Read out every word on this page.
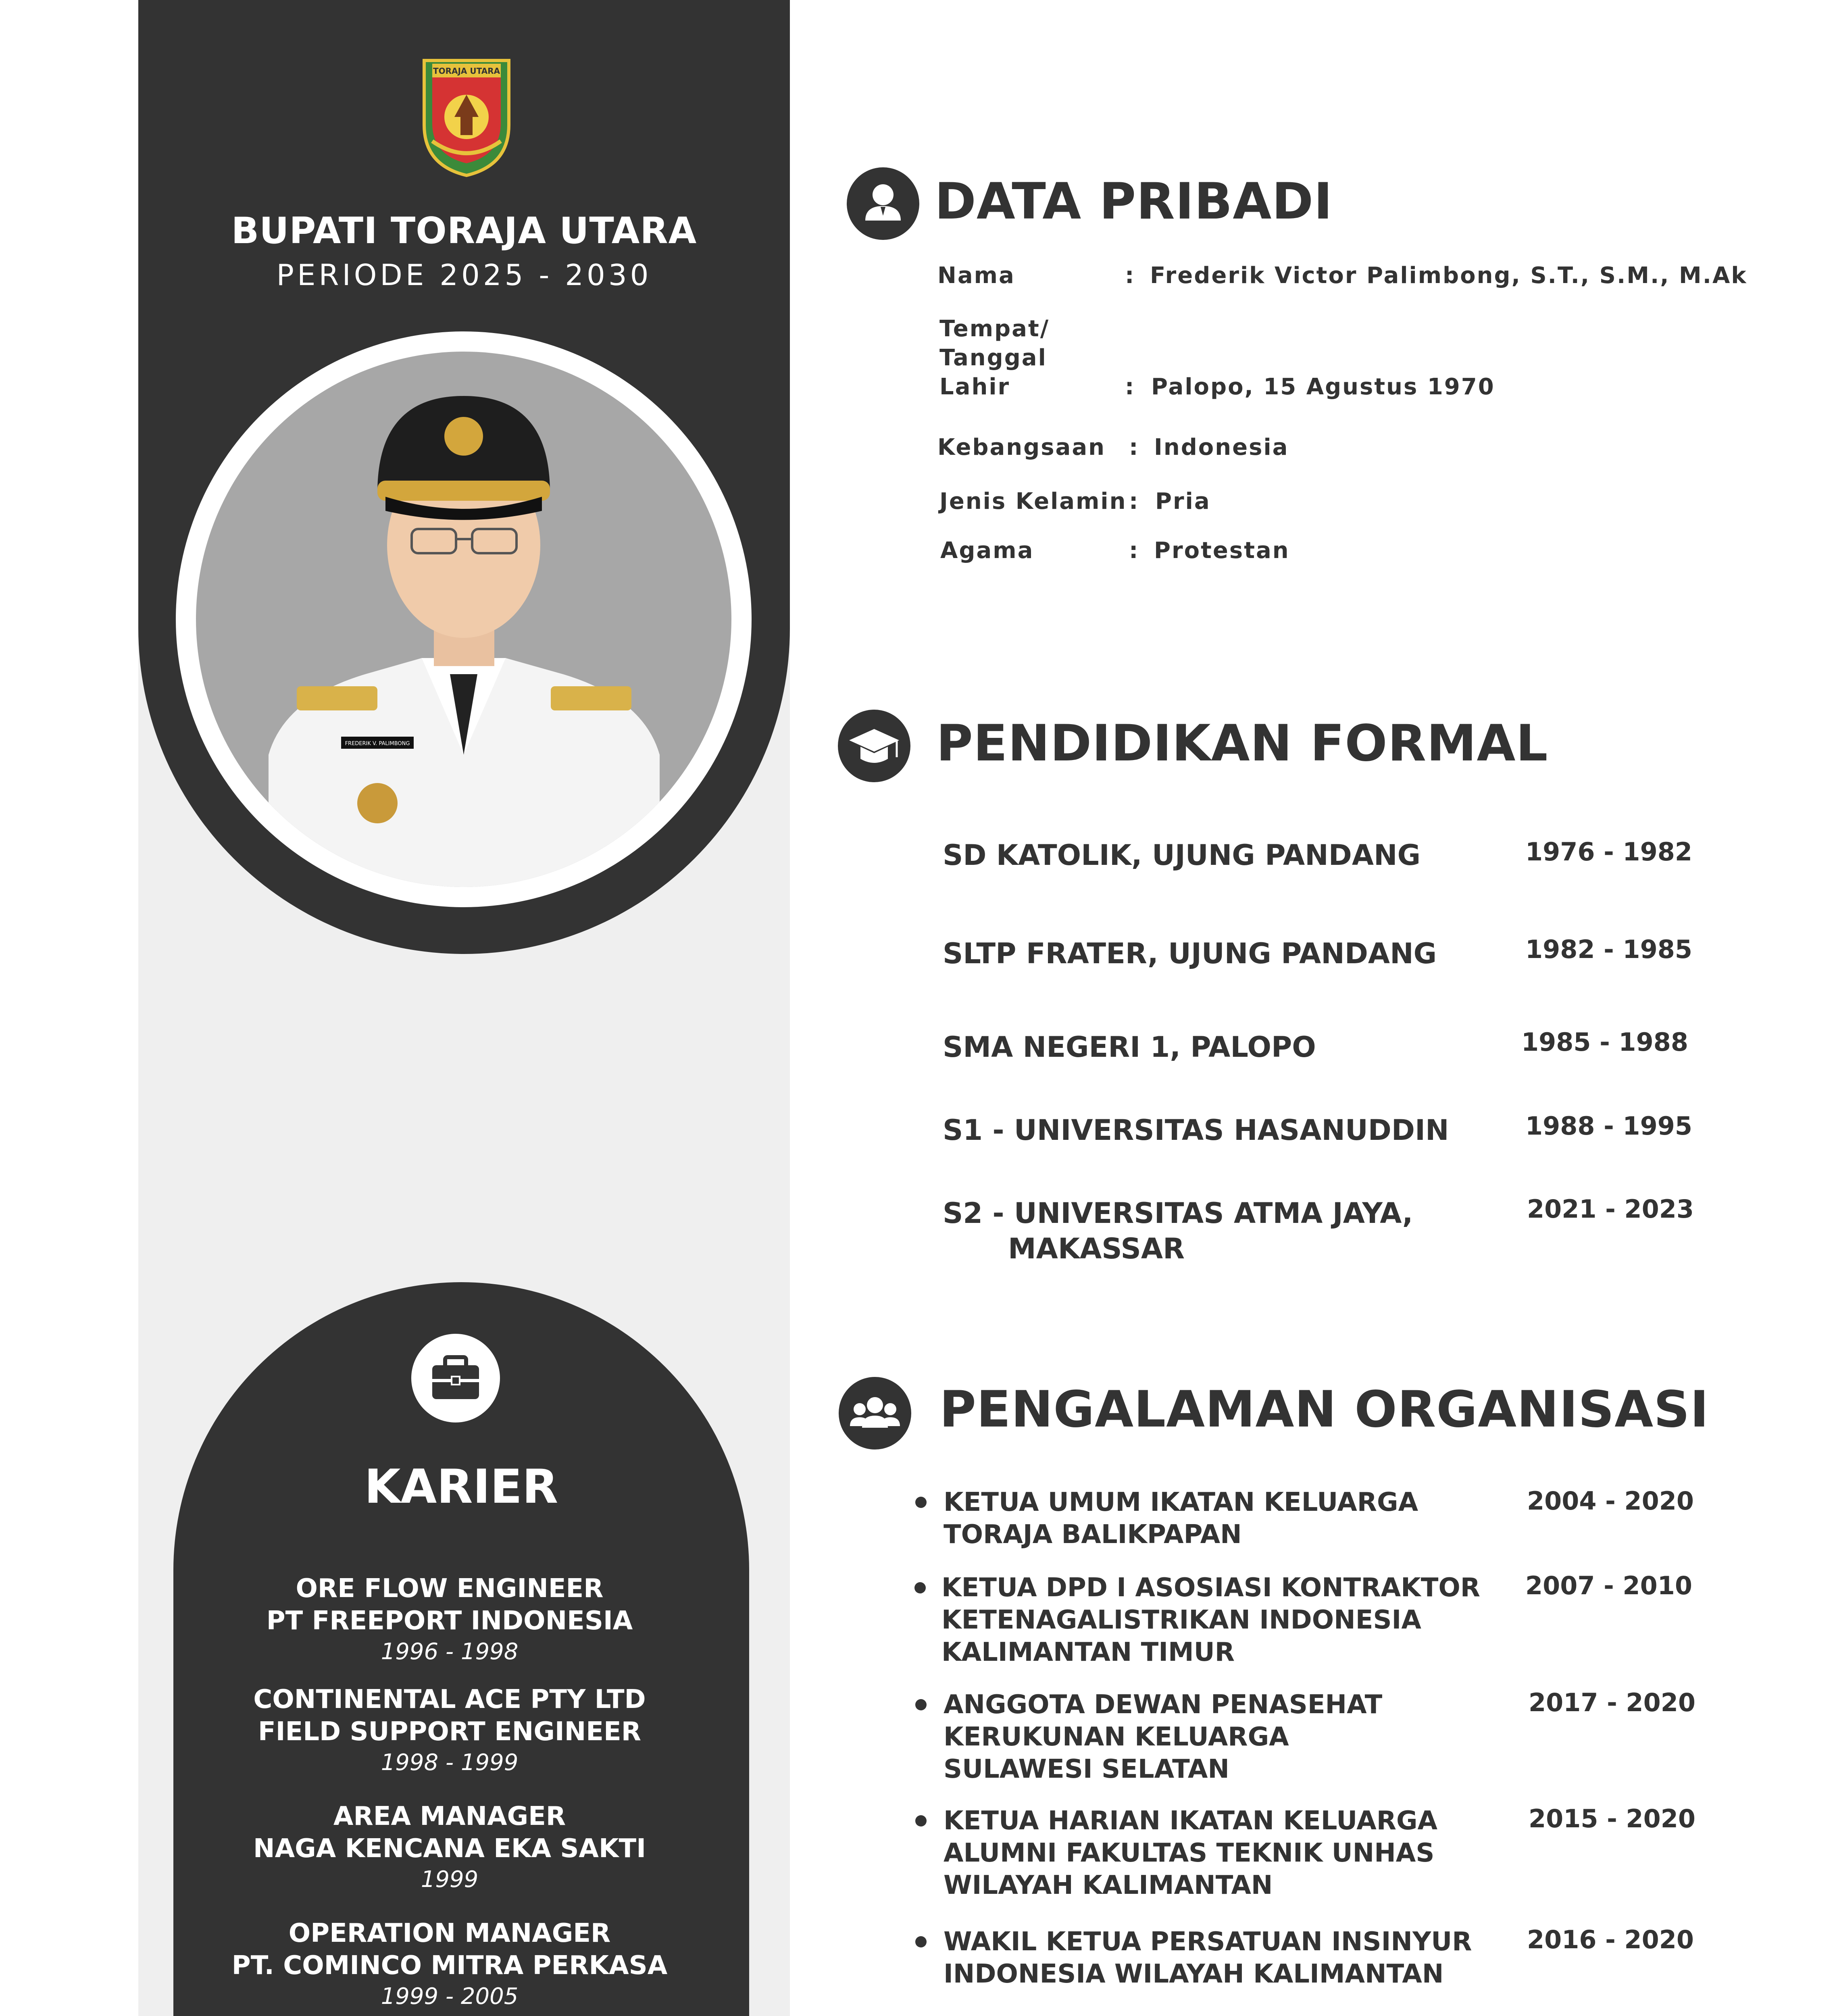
TORAJA UTARA
BUPATI TORAJA UTARA
PERIODE 2025 - 2030
FREDERIK V. PALIMBONG
KARIER
ORE FLOW ENGINEER
PT FREEPORT INDONESIA
1996 - 1998
CONTINENTAL ACE PTY LTD
FIELD SUPPORT ENGINEER
1998 - 1999
AREA MANAGER
NAGA KENCANA EKA SAKTI
1999
OPERATION MANAGER
PT. COMINCO MITRA PERKASA
1999 - 2005
DATA PRIBADI
Nama	: Frederik Victor Palimbong, S.T., S.M., M.Ak
Tempat/
Tanggal
Lahir	: Palopo, 15 Agustus 1970
Kebangsaan : Indonesia
Jenis Kelamin : Pria
Agama	: Protestan
PENDIDIKAN FORMAL
SD KATOLIK, UJUNG PANDANG	1976 - 1982
SLTP FRATER, UJUNG PANDANG	1982 - 1985
SMA NEGERI 1, PALOPO	1985 - 1988
S1 - UNIVERSITAS HASANUDDIN	1988 - 1995
S2 - UNIVERSITAS ATMA JAYA,
MAKASSAR
2021 - 2023
PENGALAMAN ORGANISASI
KETUA UMUM IKATAN KELUARGA
TORAJA BALIKPAPAN
2004 - 2020
KETUA DPD I ASOSIASI KONTRAKTOR
KETENAGALISTRIKAN INDONESIA
KALIMANTAN TIMUR
2007 - 2010
ANGGOTA DEWAN PENASEHAT
KERUKUNAN KELUARGA
SULAWESI SELATAN
2017 - 2020
KETUA HARIAN IKATAN KELUARGA
ALUMNI FAKULTAS TEKNIK UNHAS
WILAYAH KALIMANTAN
2015 - 2020
WAKIL KETUA PERSATUAN INSINYUR
INDONESIA WILAYAH KALIMANTAN
2016 - 2020
